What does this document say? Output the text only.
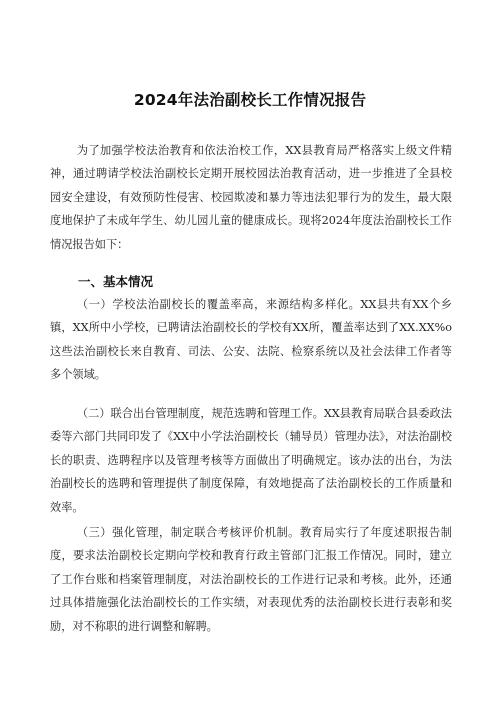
2024年法治副校长工作情况报告

为了加强学校法治教育和依法治校工作，XX县教育局严格落实上级文件精神，通过聘请学校法治副校长定期开展校园法治教育活动，进一步推进了全县校园安全建设，有效预防性侵害、校园欺凌和暴力等违法犯罪行为的发生，最大限度地保护了未成年学生、幼儿园儿童的健康成长。现将2024年度法治副校长工作情况报告如下：

一、基本情况

（一）学校法治副校长的覆盖率高，来源结构多样化。XX县共有XX个乡镇，XX所中小学校，已聘请法治副校长的学校有XX所，覆盖率达到了XX.XX%o这些法治副校长来自教育、司法、公安、法院、检察系统以及社会法律工作者等多个领域。

（二）联合出台管理制度，规范选聘和管理工作。XX县教育局联合县委政法委等六部门共同印发了《XX中小学法治副校长（辅导员）管理办法》，对法治副校长的职责、选聘程序以及管理考核等方面做出了明确规定。该办法的出台，为法治副校长的选聘和管理提供了制度保障，有效地提高了法治副校长的工作质量和效率。

（三）强化管理，制定联合考核评价机制。教育局实行了年度述职报告制度，要求法治副校长定期向学校和教育行政主管部门汇报工作情况。同时，建立了工作台账和档案管理制度，对法治副校长的工作进行记录和考核。此外，还通过具体措施强化法治副校长的工作实绩，对表现优秀的法治副校长进行表彰和奖励，对不称职的进行调整和解聘。
